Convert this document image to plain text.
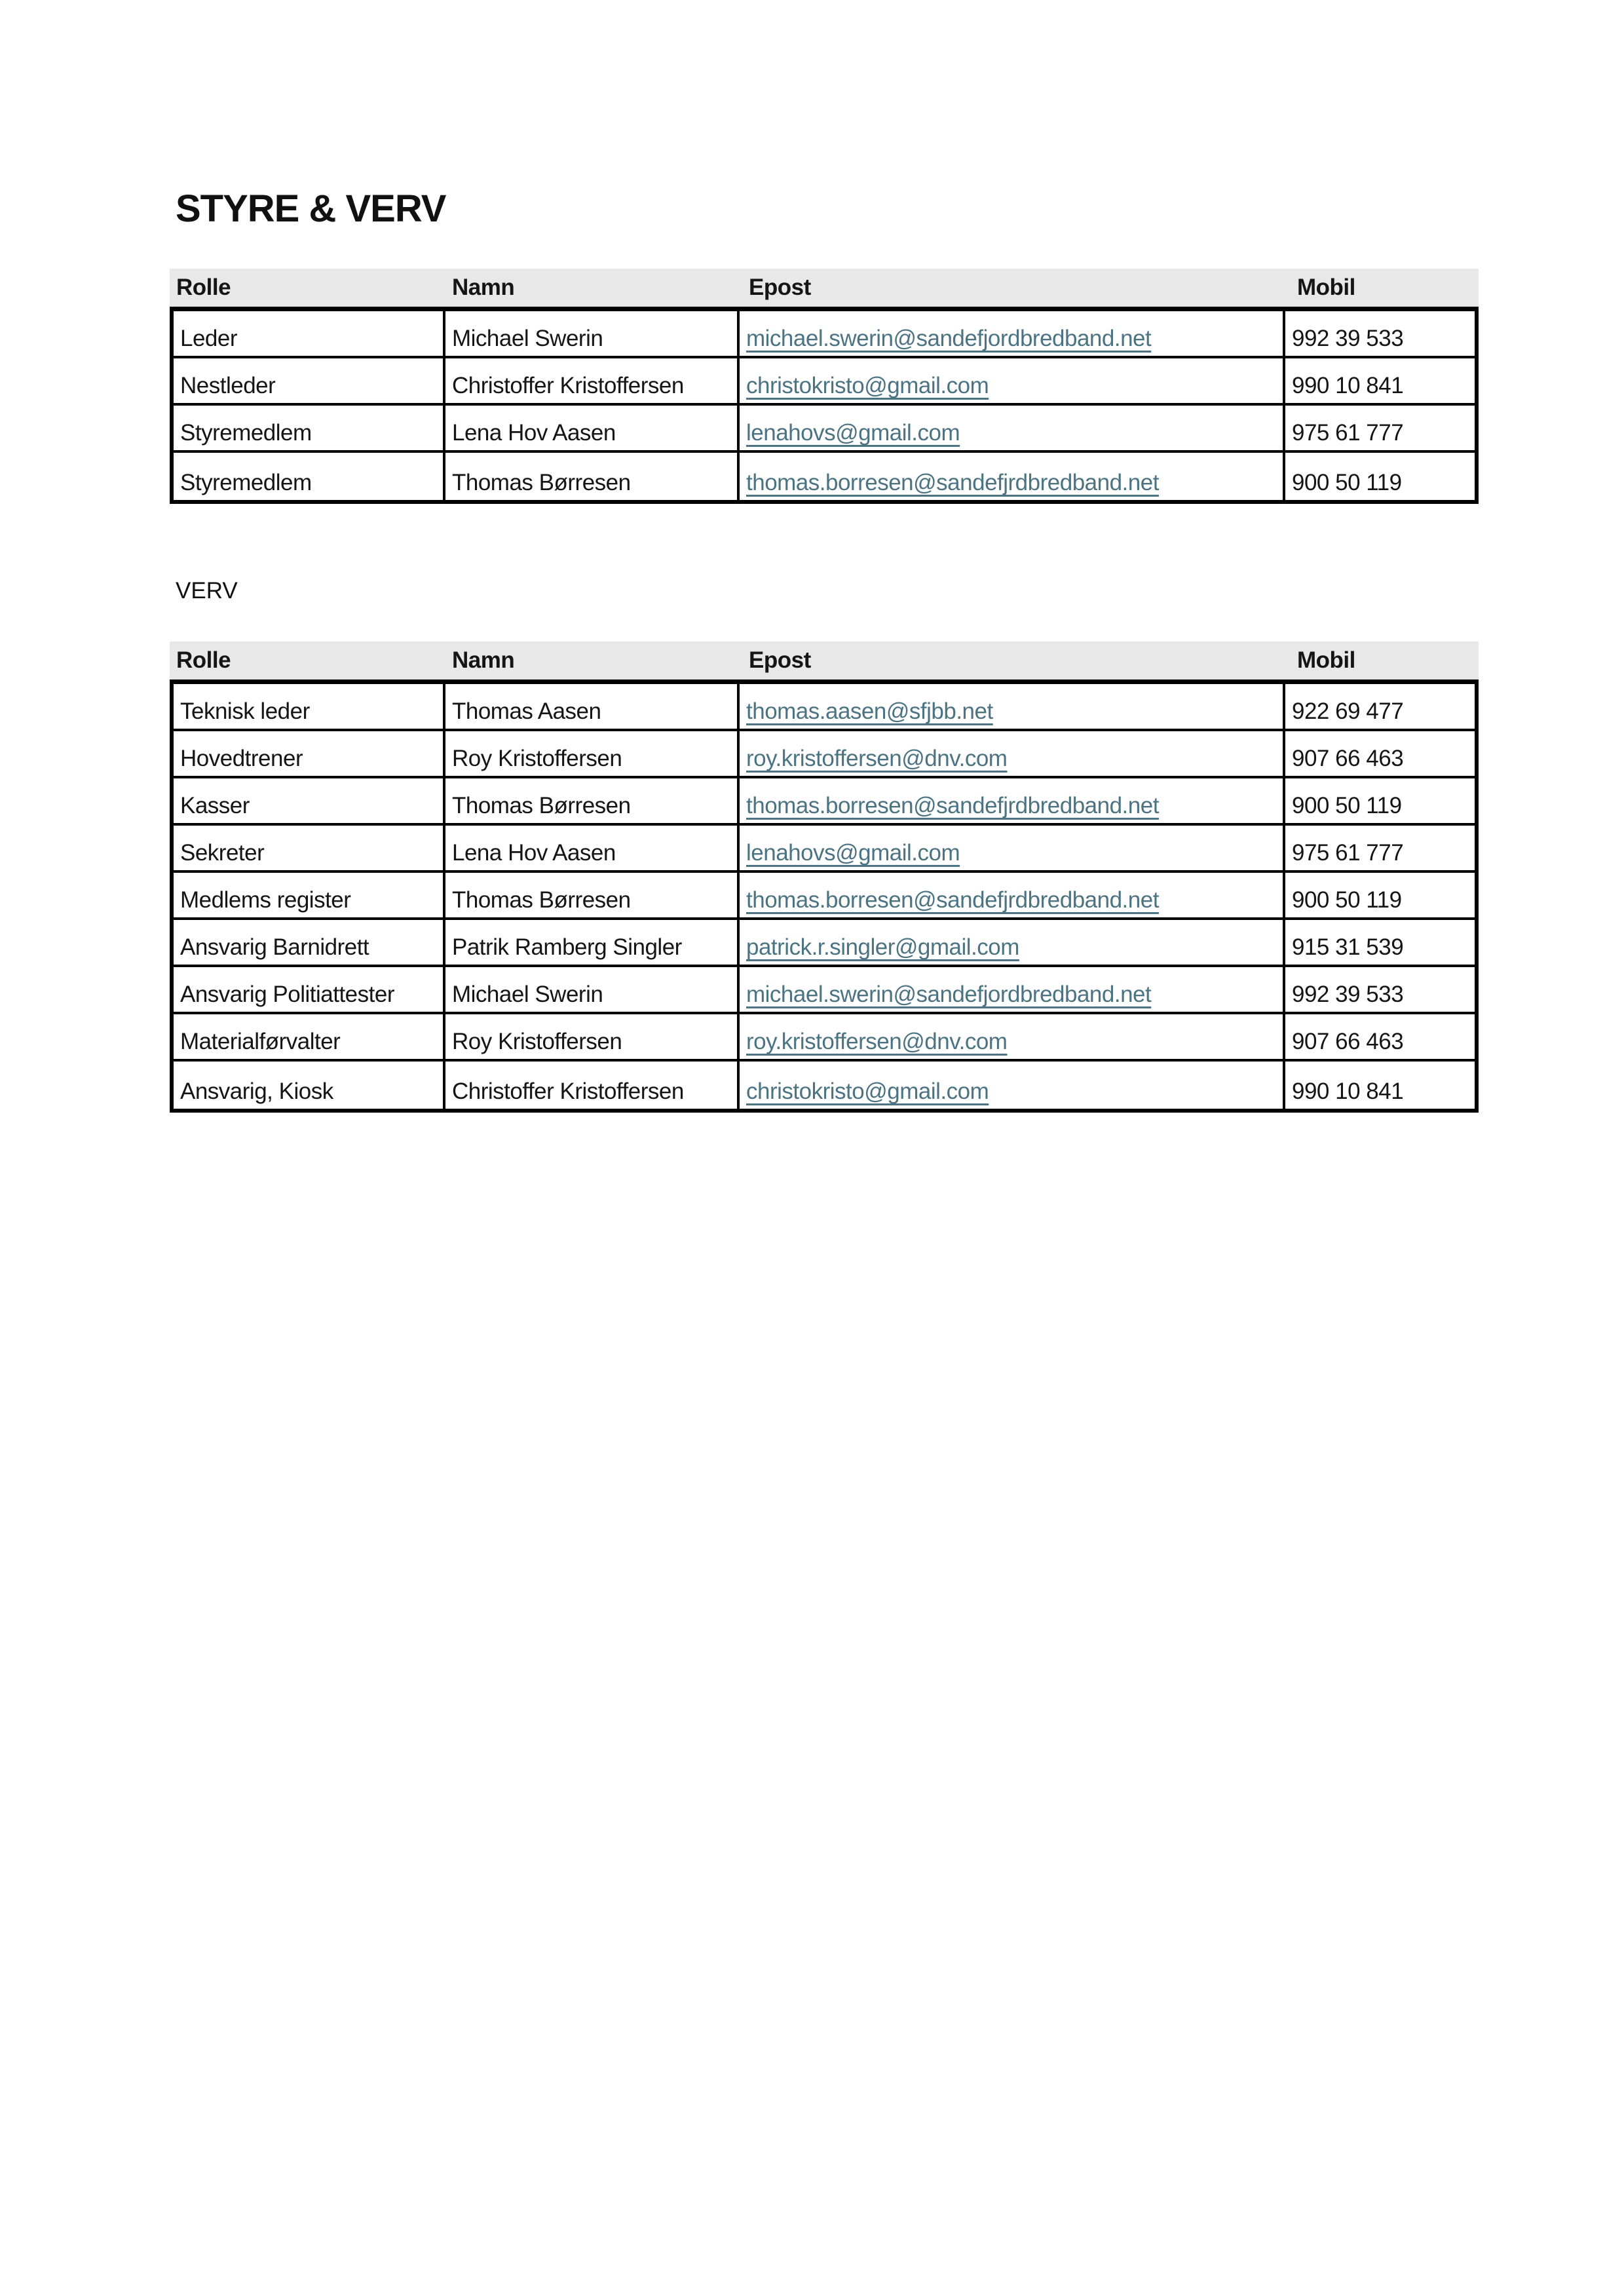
STYRE & VERV
Rolle	Namn	Epost	Mobil
Leder	Michael Swerin	michael.swerin@sandefjordbredband.net	992 39 533
Nestleder	Christoffer Kristoffersen	christokristo@gmail.com	990 10 841
Styremedlem	Lena Hov Aasen	lenahovs@gmail.com	975 61 777
Styremedlem	Thomas Børresen	thomas.borresen@sandefjrdbredband.net	900 50 119
VERV
Rolle	Namn	Epost	Mobil
Teknisk leder	Thomas Aasen	thomas.aasen@sfjbb.net	922 69 477
Hovedtrener	Roy Kristoffersen	roy.kristoffersen@dnv.com	907 66 463
Kasser	Thomas Børresen	thomas.borresen@sandefjrdbredband.net	900 50 119
Sekreter	Lena Hov Aasen	lenahovs@gmail.com	975 61 777
Medlems register	Thomas Børresen	thomas.borresen@sandefjrdbredband.net	900 50 119
Ansvarig Barnidrett	Patrik Ramberg Singler	patrick.r.singler@gmail.com	915 31 539
Ansvarig Politiattester	Michael Swerin	michael.swerin@sandefjordbredband.net	992 39 533
Materialførvalter	Roy Kristoffersen	roy.kristoffersen@dnv.com	907 66 463
Ansvarig, Kiosk	Christoffer Kristoffersen	christokristo@gmail.com	990 10 841
